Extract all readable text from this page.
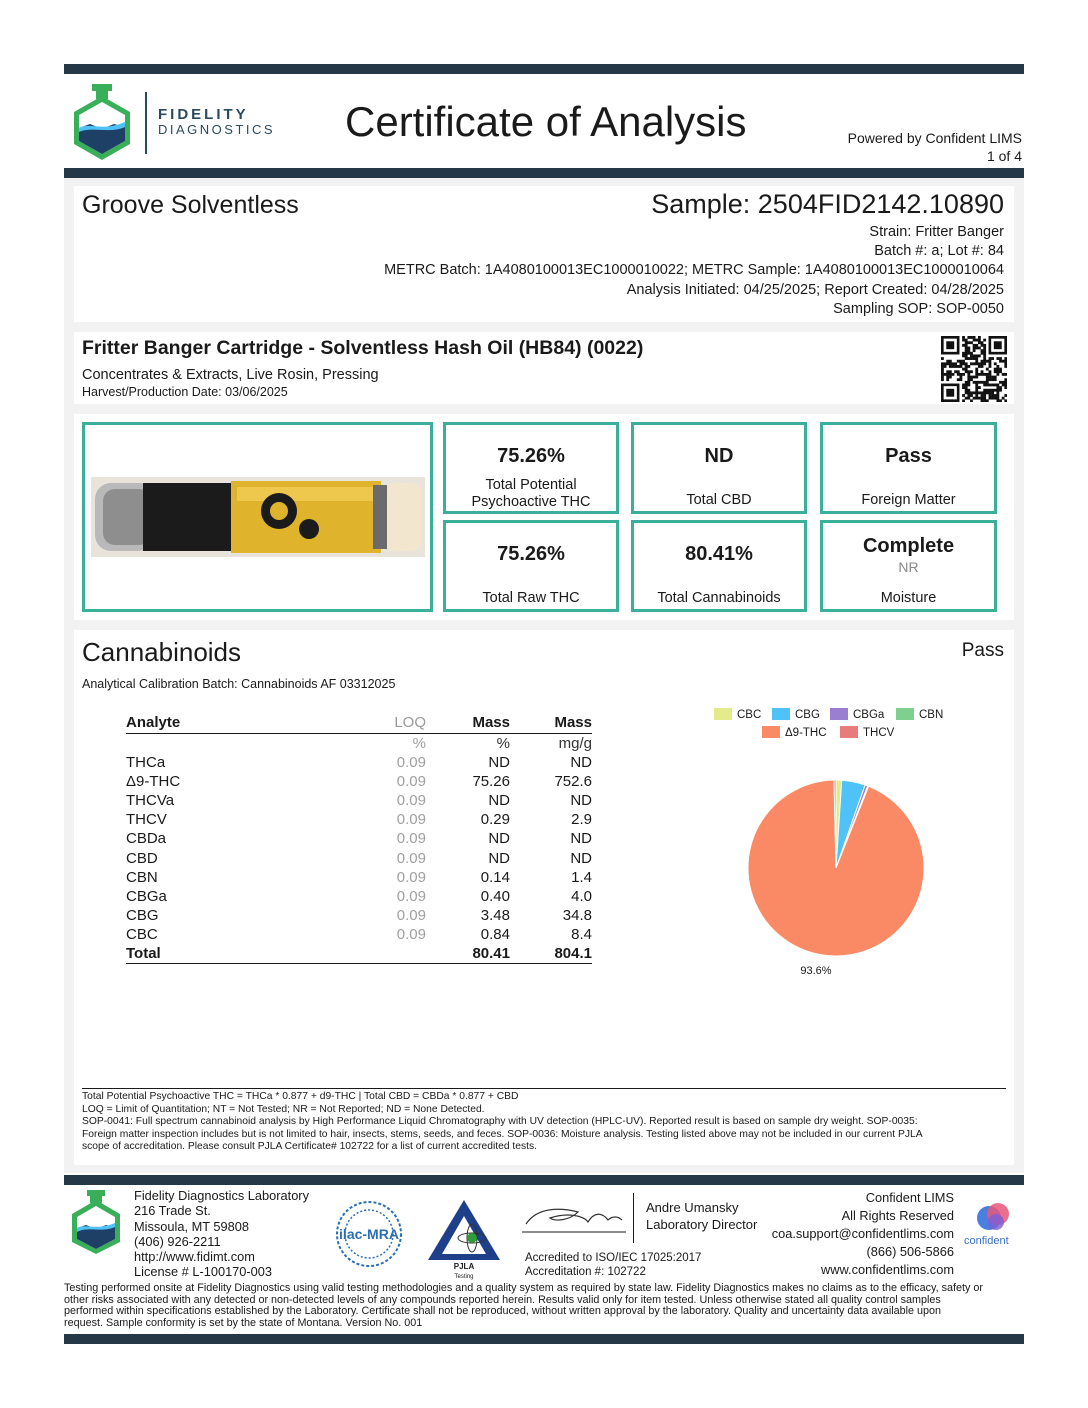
FIDELITY
DIAGNOSTICS Certificate of Analysis	Powered by Confident LIMS
1 of 4
Groove Solventless	Sample: 2504FID2142.10890
Strain: Fritter Banger
Batch #: a; Lot #: 84
METRC Batch: 1A4080100013EC1000010022; METRC Sample: 1A4080100013EC1000010064
Analysis Initiated: 04/25/2025; Report Created: 04/28/2025
Sampling SOP: SOP-0050
Fritter Banger Cartridge - Solventless Hash Oil (HB84) (0022)
Concentrates & Extracts, Live Rosin, Pressing
Harvest/Production Date: 03/06/2025
75.26%
Total Potential
Psychoactive THC
ND
Total CBD
Pass
Foreign Matter
75.26%
Total Raw THC
80.41%
Total Cannabinoids
Complete
NR
Moisture
Cannabinoids	Pass
Analytical Calibration Batch: Cannabinoids AF 03312025
Analyte	LOQ	Mass	Mass
	%	%	mg/g
THCa	0.09	ND	ND
Δ9-THC	0.09	75.26	752.6
THCVa	0.09	ND	ND
THCV	0.09	0.29	2.9
CBDa	0.09	ND	ND
CBD	0.09	ND	ND
CBN	0.09	0.14	1.4
CBGa	0.09	0.40	4.0
CBG	0.09	3.48	34.8
CBC	0.09	0.84	8.4
Total		80.41	804.1
CBC	CBG	CBGa	CBN
Δ9-THC	THCV
93.6%
Total Potential Psychoactive THC = THCa * 0.877 + d9-THC | Total CBD = CBDa * 0.877 + CBD
LOQ = Limit of Quantitation; NT = Not Tested; NR = Not Reported; ND = None Detected.
SOP-0041: Full spectrum cannabinoid analysis by High Performance Liquid Chromatography with UV detection (HPLC-UV). Reported result is based on sample dry weight. SOP-0035:
Foreign matter inspection includes but is not limited to hair, insects, stems, seeds, and feces. SOP-0036: Moisture analysis. Testing listed above may not be included in our current PJLA
scope of accreditation. Please consult PJLA Certificate# 102722 for a list of current accredited tests.
Fidelity Diagnostics Laboratory
216 Trade St.
Missoula, MT 59808
(406) 926-2211
http://www.fidimt.com
License # L-100170-003
ilac-MRA
PJLA
Testing
Andre Umansky
Laboratory Director
Accredited to ISO/IEC 17025:2017
Accreditation #: 102722
Confident LIMS
All Rights Reserved
coa.support@confidentlims.com
(866) 506-5866
www.confidentlims.com
confident
Testing performed onsite at Fidelity Diagnostics using valid testing methodologies and a quality system as required by state law. Fidelity Diagnostics makes no claims as to the efficacy, safety or
other risks associated with any detected or non-detected levels of any compounds reported herein. Results valid only for item tested. Unless otherwise stated all quality control samples
performed within specifications established by the Laboratory. Certificate shall not be reproduced, without written approval by the laboratory. Quality and uncertainty data available upon
request. Sample conformity is set by the state of Montana. Version No. 001
